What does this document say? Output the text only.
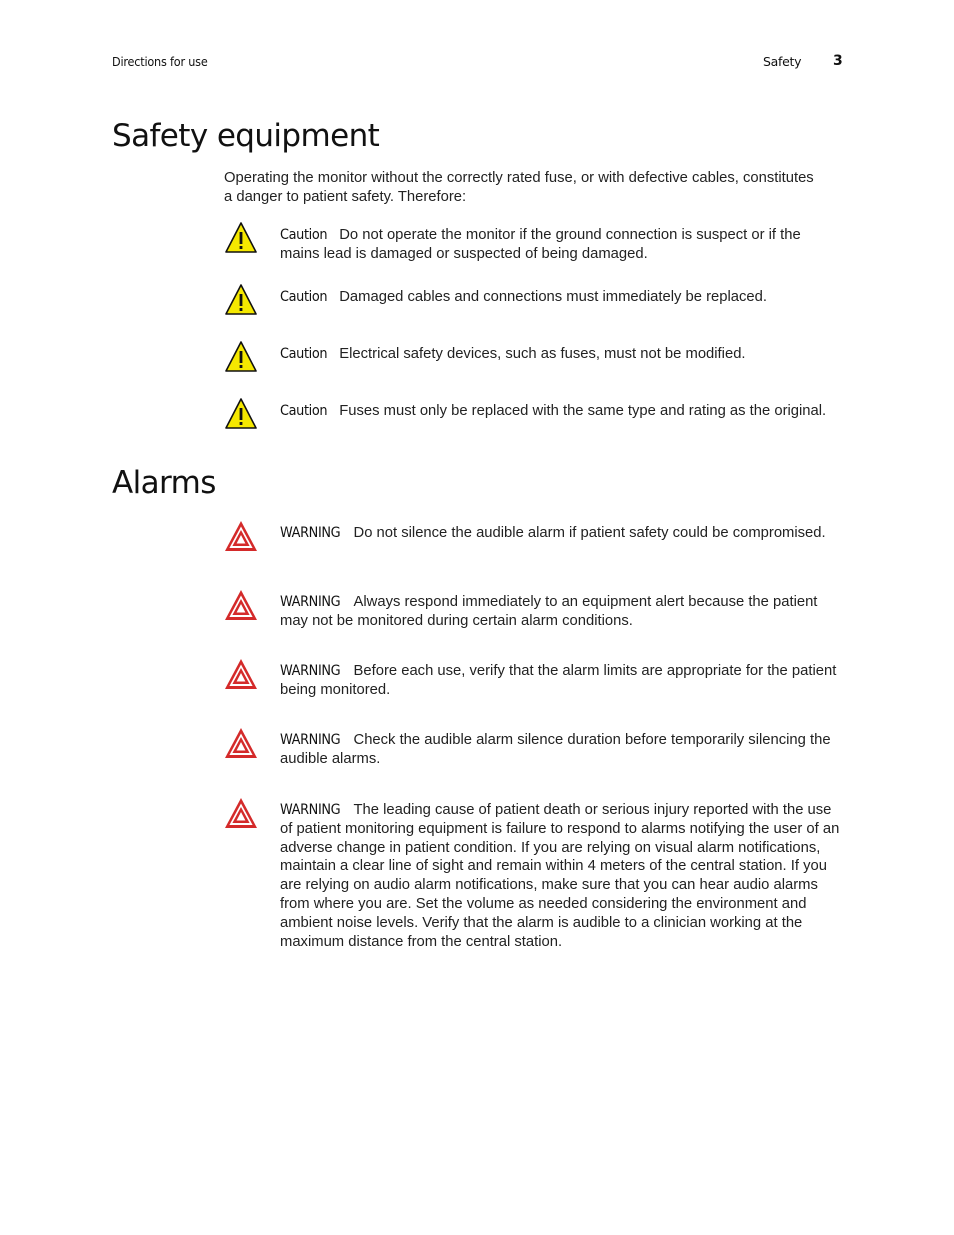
Directions for use	Safety 3
Safety equipment
Operating the monitor without the correctly rated fuse, or with defective cables, constitutes a danger to patient safety. Therefore:
Caution Do not operate the monitor if the ground connection is suspect or if the mains lead is damaged or suspected of being damaged.
Caution Damaged cables and connections must immediately be replaced.
Caution Electrical safety devices, such as fuses, must not be modified.
Caution Fuses must only be replaced with the same type and rating as the original.
Alarms
WARNING Do not silence the audible alarm if patient safety could be compromised.
WARNING Always respond immediately to an equipment alert because the patient may not be monitored during certain alarm conditions.
WARNING Before each use, verify that the alarm limits are appropriate for the patient being monitored.
WARNING Check the audible alarm silence duration before temporarily silencing the audible alarms.
WARNING The leading cause of patient death or serious injury reported with the use of patient monitoring equipment is failure to respond to alarms notifying the user of an adverse change in patient condition. If you are relying on visual alarm notifications, maintain a clear line of sight and remain within 4 meters of the central station. If you are relying on audio alarm notifications, make sure that you can hear audio alarms from where you are. Set the volume as needed considering the environment and ambient noise levels. Verify that the alarm is audible to a clinician working at the maximum distance from the central station.
